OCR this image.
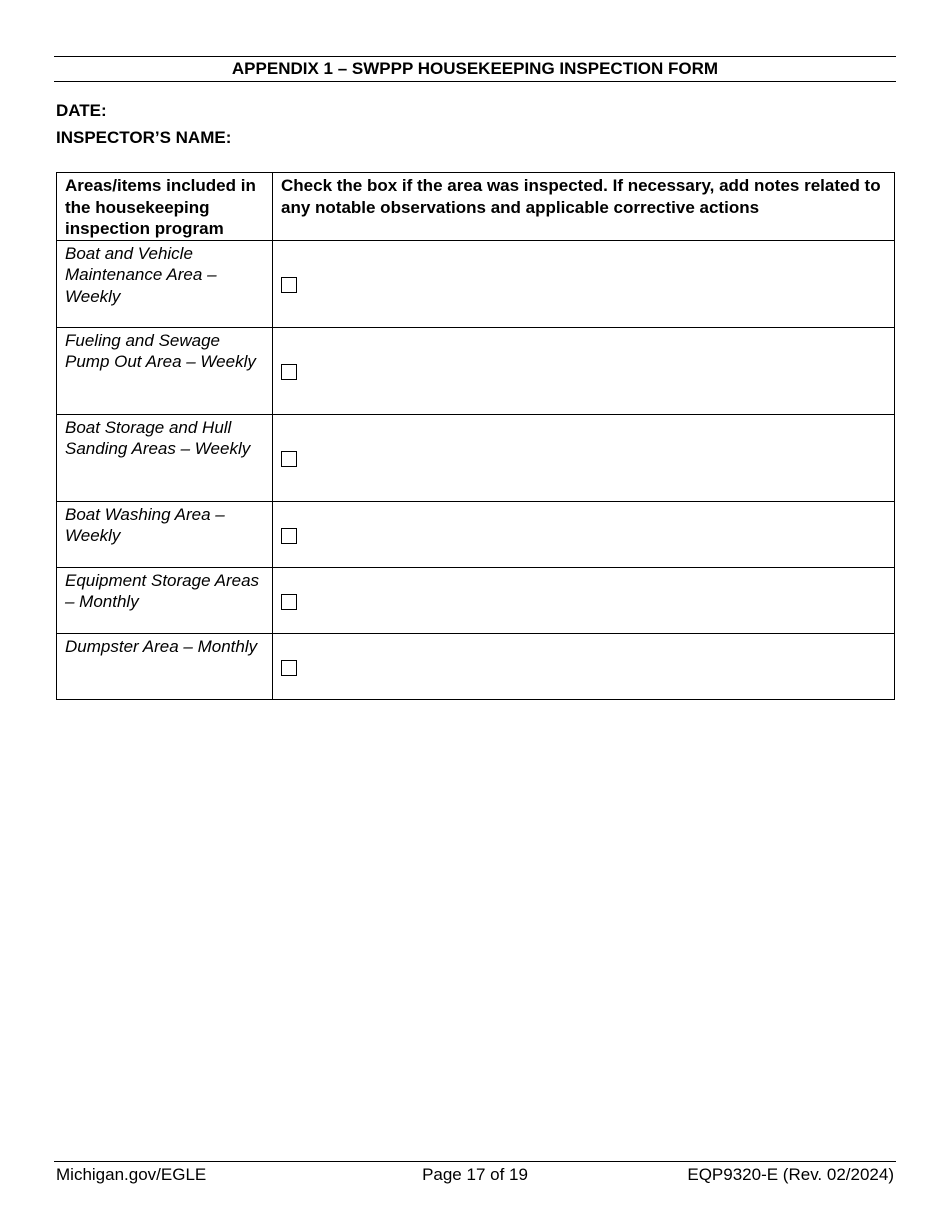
APPENDIX 1 – SWPPP HOUSEKEEPING INSPECTION FORM
DATE:
INSPECTOR’S NAME:
Areas/items included in the housekeeping inspection program	Check the box if the area was inspected. If necessary, add notes related to any notable observations and applicable corrective actions
Boat and Vehicle Maintenance Area – Weekly	
Fueling and Sewage Pump Out Area – Weekly	
Boat Storage and Hull Sanding Areas – Weekly	
Boat Washing Area – Weekly	
Equipment Storage Areas – Monthly	
Dumpster Area – Monthly	
Michigan.gov/EGLE	Page 17 of 19	EQP9320-E (Rev. 02/2024)
